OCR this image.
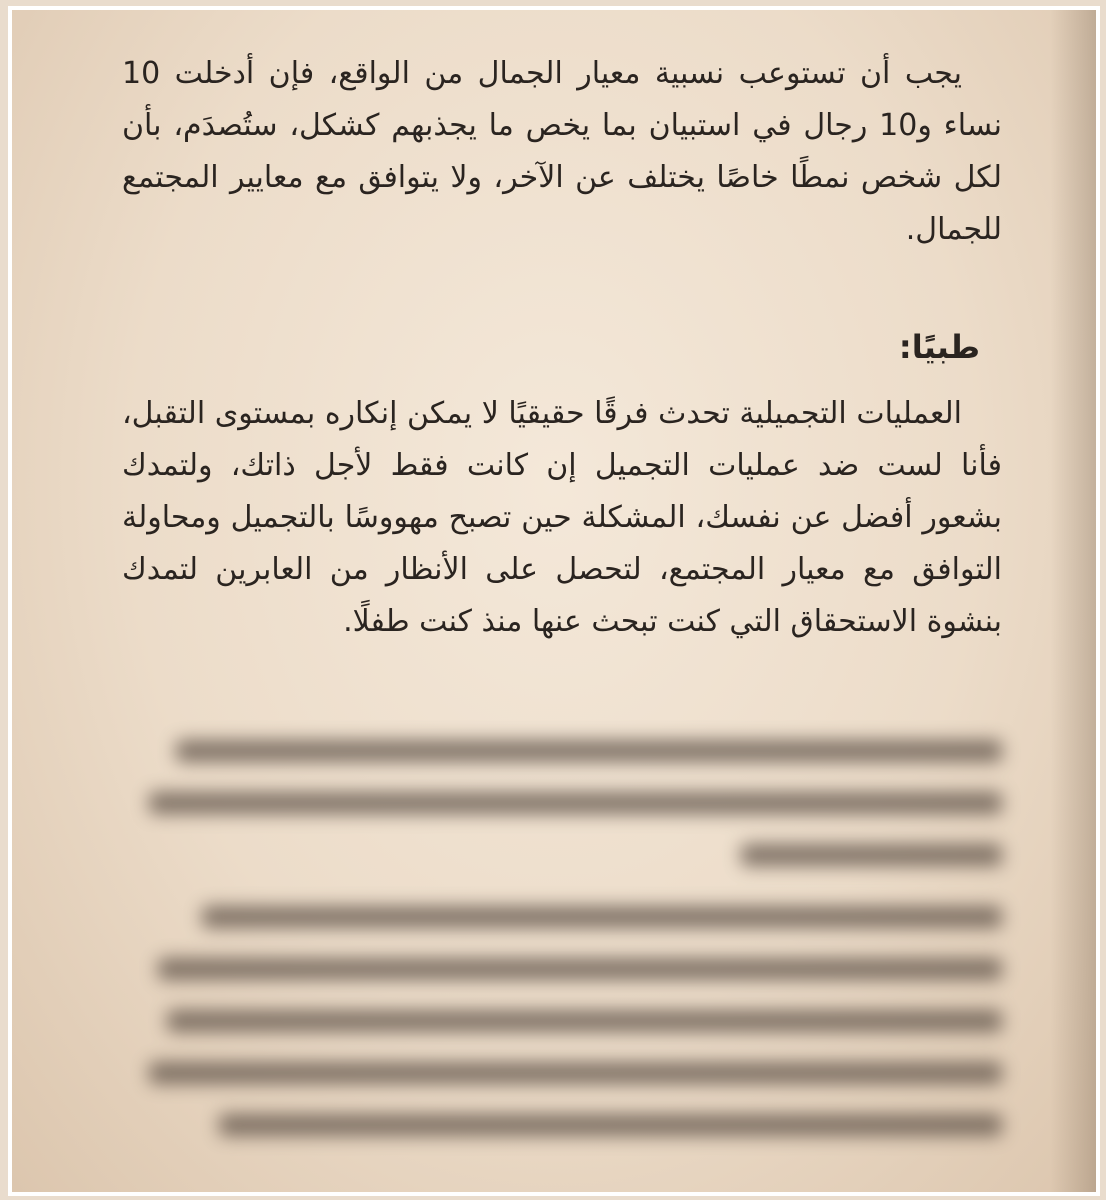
يجب أن تستوعب نسبية معيار الجمال من الواقع، فإن أدخلت 10 نساء و10 رجال في استبيان بما يخص ما يجذبهم كشكل، ستُصدَم، بأن لكل شخص نمطًا خاصًا يختلف عن الآخر، ولا يتوافق مع معايير المجتمع للجمال.

طبيًا:

العمليات التجميلية تحدث فرقًا حقيقيًا لا يمكن إنكاره بمستوى التقبل، فأنا لست ضد عمليات التجميل إن كانت فقط لأجل ذاتك، ولتمدك بشعور أفضل عن نفسك، المشكلة حين تصبح مهووسًا بالتجميل ومحاولة التوافق مع معيار المجتمع، لتحصل على الأنظار من العابرين لتمدك بنشوة الاستحقاق التي كنت تبحث عنها منذ كنت طفلًا.
